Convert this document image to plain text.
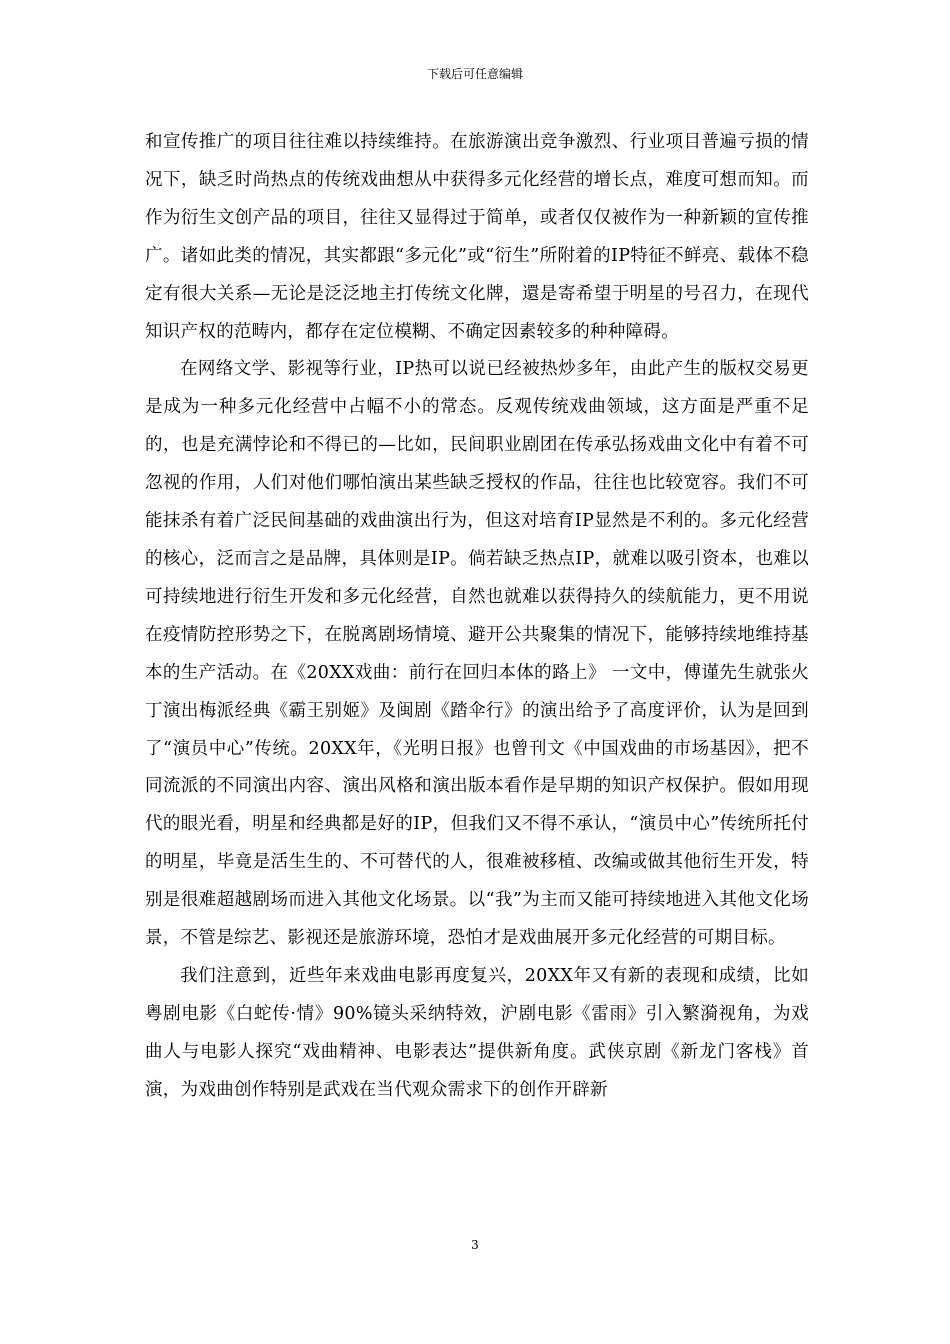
下载后可任意编辑

和宣传推广的项目往往难以持续维持。在旅游演出竞争激烈、行业项目普遍亏损的情况下，缺乏时尚热点的传统戏曲想从中获得多元化经营的增长点，难度可想而知。而作为衍生文创产品的项目，往往又显得过于简单，或者仅仅被作为一种新颖的宣传推广。诸如此类的情况，其实都跟“多元化”或“衍生”所附着的IP特征不鲜亮、载体不稳定有很大关系—无论是泛泛地主打传统文化牌，還是寄希望于明星的号召力，在现代知识产权的范畴内，都存在定位模糊、不确定因素较多的种种障碍。

在网络文学、影视等行业，IP热可以说已经被热炒多年，由此产生的版权交易更是成为一种多元化经营中占幅不小的常态。反观传统戏曲领域，这方面是严重不足的，也是充满悖论和不得已的—比如，民间职业剧团在传承弘扬戏曲文化中有着不可忽视的作用，人们对他们哪怕演出某些缺乏授权的作品，往往也比较宽容。我们不可能抹杀有着广泛民间基础的戏曲演出行为，但这对培育IP显然是不利的。多元化经营的核心，泛而言之是品牌，具体则是IP。倘若缺乏热点IP，就难以吸引资本，也难以可持续地进行衍生开发和多元化经营，自然也就难以获得持久的续航能力，更不用说在疫情防控形势之下，在脱离剧场情境、避开公共聚集的情况下，能够持续地维持基本的生产活动。在《20XX戏曲：前行在回归本体的路上》 一文中，傅谨先生就张火丁演出梅派经典《霸王别姬》及闽剧《踏伞行》的演出给予了高度评价，认为是回到了“演员中心”传统。20XX年，《光明日报》也曾刊文《中国戏曲的市场基因》，把不同流派的不同演出内容、演出风格和演出版本看作是早期的知识产权保护。假如用现代的眼光看，明星和经典都是好的IP，但我们又不得不承认，“演员中心”传统所托付的明星，毕竟是活生生的、不可替代的人，很难被移植、改编或做其他衍生开发，特别是很难超越剧场而进入其他文化场景。以“我”为主而又能可持续地进入其他文化场景，不管是综艺、影视还是旅游环境，恐怕才是戏曲展开多元化经营的可期目标。

我们注意到，近些年来戏曲电影再度复兴，20XX年又有新的表现和成绩，比如粤剧电影《白蛇传·情》90%镜头采纳特效，沪剧电影《雷雨》引入繁漪视角，为戏曲人与电影人探究“戏曲精神、电影表达”提供新角度。武侠京剧《新龙门客栈》首演，为戏曲创作特别是武戏在当代观众需求下的创作开辟新

3
